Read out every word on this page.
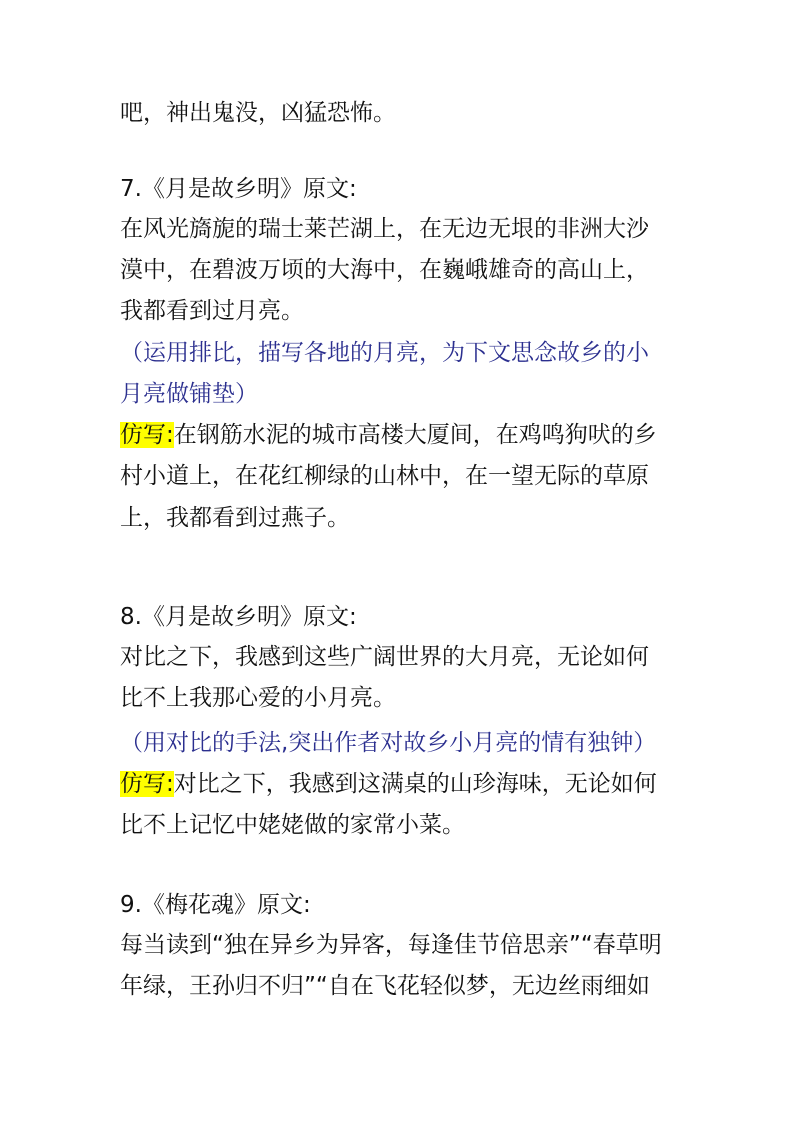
吧，神出鬼没，凶猛恐怖。
7.《月是故乡明》原文:
在风光旖旎的瑞士莱芒湖上，在无边无垠的非洲大沙
漠中，在碧波万顷的大海中，在巍峨雄奇的高山上，
我都看到过月亮。
（运用排比，描写各地的月亮，为下文思念故乡的小
月亮做铺垫）
仿写:在钢筋水泥的城市高楼大厦间，在鸡鸣狗吠的乡
村小道上，在花红柳绿的山林中，在一望无际的草原
上，我都看到过燕子。
8.《月是故乡明》原文:
对比之下，我感到这些广阔世界的大月亮，无论如何
比不上我那心爱的小月亮。
（用对比的手法,突出作者对故乡小月亮的情有独钟）
仿写:对比之下，我感到这满桌的山珍海味，无论如何
比不上记忆中姥姥做的家常小菜。
9.《梅花魂》原文:
每当读到“独在异乡为异客，每逢佳节倍思亲”“春草明
年绿，王孙归不归”“自在飞花轻似梦，无边丝雨细如
